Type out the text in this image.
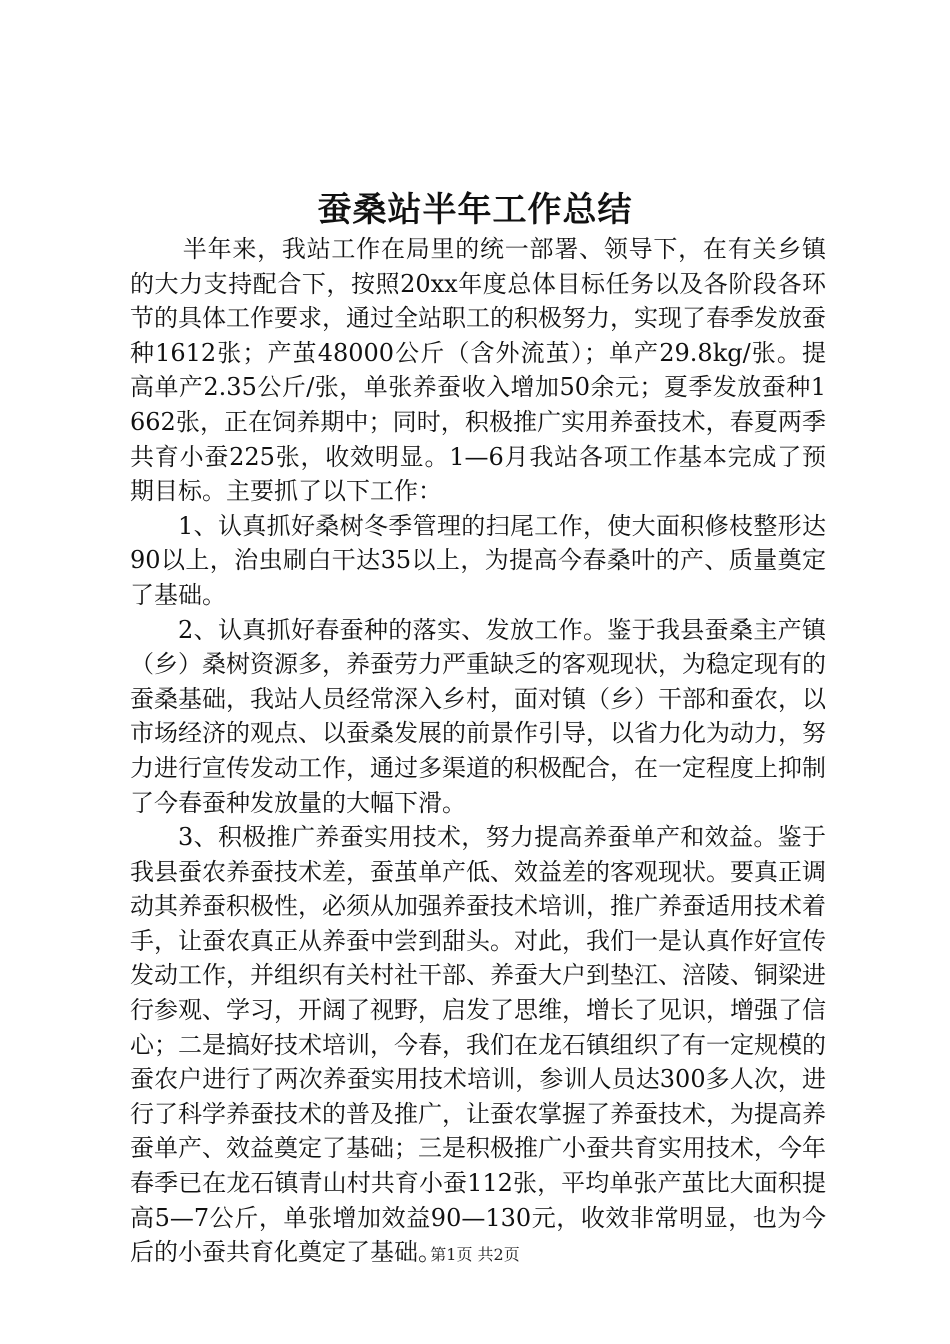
蚕桑站半年工作总结

半年来，我站工作在局里的统一部署、领导下，在有关乡镇的大力支持配合下，按照20xx年度总体目标任务以及各阶段各环节的具体工作要求，通过全站职工的积极努力，实现了春季发放蚕种1612张；产茧48000公斤（含外流茧）；单产29.8kg/张。提高单产2.35公斤/张，单张养蚕收入增加50余元；夏季发放蚕种1662张，正在饲养期中；同时，积极推广实用养蚕技术，春夏两季共育小蚕225张，收效明显。1—6月我站各项工作基本完成了预期目标。主要抓了以下工作：

1、认真抓好桑树冬季管理的扫尾工作，使大面积修枝整形达90以上，治虫刷白干达35以上，为提高今春桑叶的产、质量奠定了基础。

2、认真抓好春蚕种的落实、发放工作。鉴于我县蚕桑主产镇（乡）桑树资源多，养蚕劳力严重缺乏的客观现状，为稳定现有的蚕桑基础，我站人员经常深入乡村，面对镇（乡）干部和蚕农，以市场经济的观点、以蚕桑发展的前景作引导，以省力化为动力，努力进行宣传发动工作，通过多渠道的积极配合，在一定程度上抑制了今春蚕种发放量的大幅下滑。

3、积极推广养蚕实用技术，努力提高养蚕单产和效益。鉴于我县蚕农养蚕技术差，蚕茧单产低、效益差的客观现状。要真正调动其养蚕积极性，必须从加强养蚕技术培训，推广养蚕适用技术着手，让蚕农真正从养蚕中尝到甜头。对此，我们一是认真作好宣传发动工作，并组织有关村社干部、养蚕大户到垫江、涪陵、铜梁进行参观、学习，开阔了视野，启发了思维，增长了见识，增强了信心；二是搞好技术培训，今春，我们在龙石镇组织了有一定规模的蚕农户进行了两次养蚕实用技术培训，参训人员达300多人次，进行了科学养蚕技术的普及推广，让蚕农掌握了养蚕技术，为提高养蚕单产、效益奠定了基础；三是积极推广小蚕共育实用技术，今年春季已在龙石镇青山村共育小蚕112张，平均单张产茧比大面积提高5—7公斤，单张增加效益90—130元，收效非常明显，也为今后的小蚕共育化奠定了基础。

第1页 共2页
